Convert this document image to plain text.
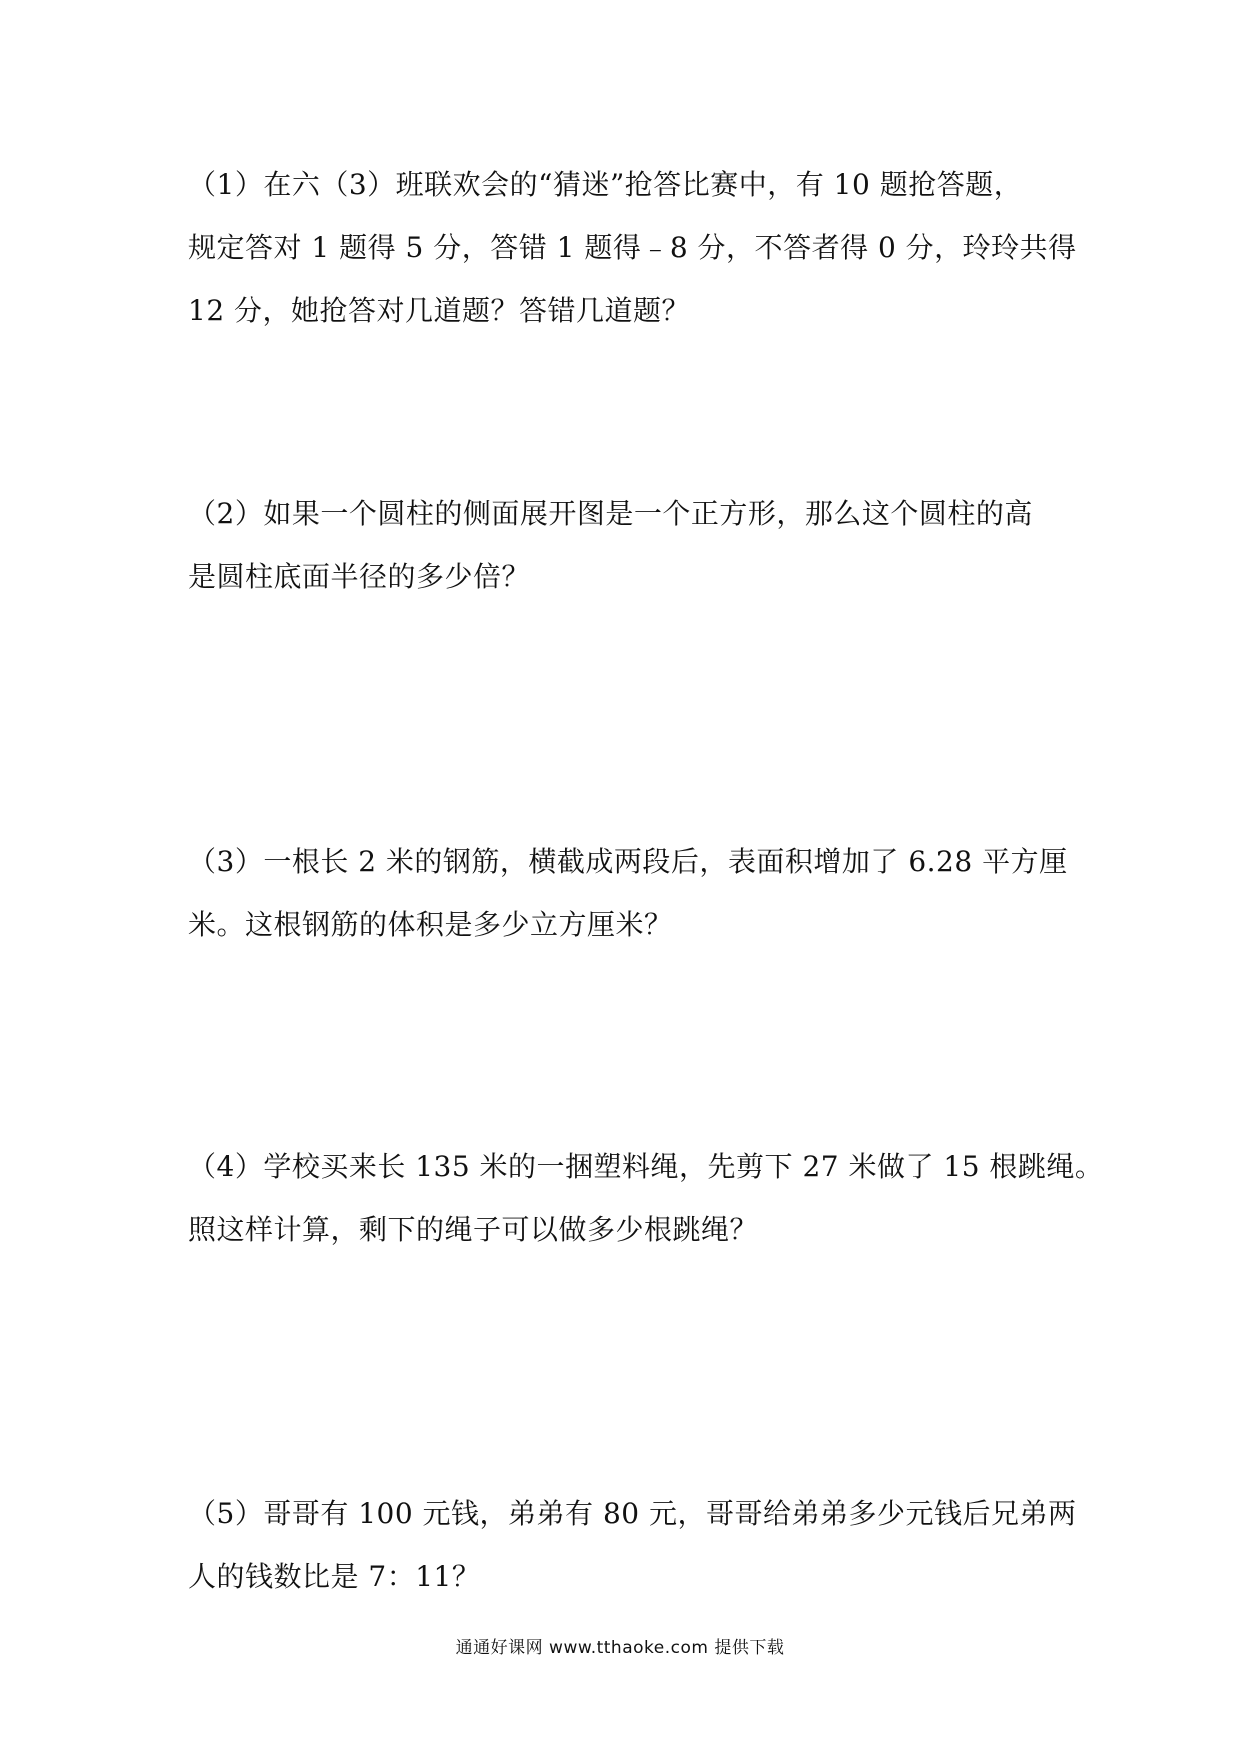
（1）在六（3）班联欢会的“猜迷”抢答比赛中，有 10 题抢答题，
规定答对 1 题得 5 分，答错 1 题得﹣8 分，不答者得 0 分，玲玲共得
12 分，她抢答对几道题？答错几道题？
（2）如果一个圆柱的侧面展开图是一个正方形，那么这个圆柱的高
是圆柱底面半径的多少倍？
（3）一根长 2 米的钢筋，横截成两段后，表面积增加了 6.28 平方厘
米。这根钢筋的体积是多少立方厘米？
（4）学校买来长 135 米的一捆塑料绳，先剪下 27 米做了 15 根跳绳。
照这样计算，剩下的绳子可以做多少根跳绳？
（5）哥哥有 100 元钱，弟弟有 80 元，哥哥给弟弟多少元钱后兄弟两
人的钱数比是 7：11？
通通好课网 www.tthaoke.com 提供下载
